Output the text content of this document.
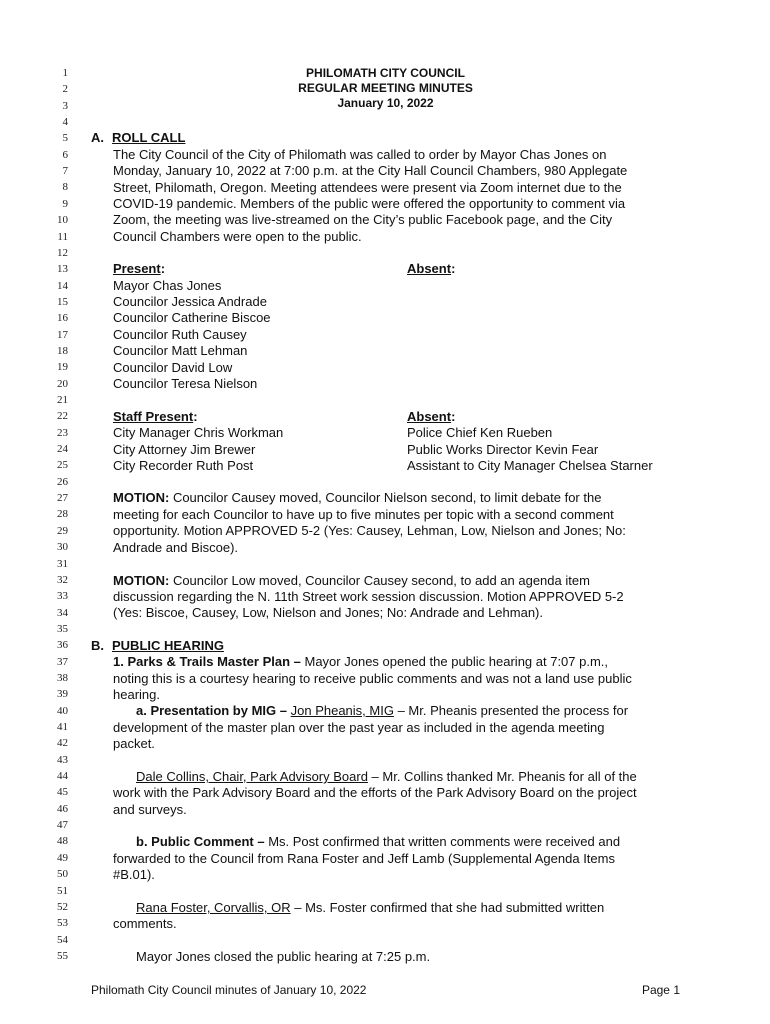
1
2
3
4
5
6
7
8
9
10
11
12
13
14
15
16
17
18
19
20
21
22
23
24
25
26
27
28
29
30
31
32
33
34
35
36
37
38
39
40
41
42
43
44
45
46
47
48
49
50
51
52
53
54
55
PHILOMATH CITY COUNCIL
REGULAR MEETING MINUTES
January 10, 2022
A. ROLL CALL
The City Council of the City of Philomath was called to order by Mayor Chas Jones on
Monday, January 10, 2022 at 7:00 p.m. at the City Hall Council Chambers, 980 Applegate
Street, Philomath, Oregon. Meeting attendees were present via Zoom internet due to the
COVID-19 pandemic. Members of the public were offered the opportunity to comment via
Zoom, the meeting was live-streamed on the City’s public Facebook page, and the City
Council Chambers were open to the public.
Present:	Absent:
Mayor Chas Jones
Councilor Jessica Andrade
Councilor Catherine Biscoe
Councilor Ruth Causey
Councilor Matt Lehman
Councilor David Low
Councilor Teresa Nielson
Staff Present:	Absent:
City Manager Chris Workman	Police Chief Ken Rueben
City Attorney Jim Brewer	Public Works Director Kevin Fear
City Recorder Ruth Post	Assistant to City Manager Chelsea Starner
MOTION: Councilor Causey moved, Councilor Nielson second, to limit debate for the
meeting for each Councilor to have up to five minutes per topic with a second comment
opportunity. Motion APPROVED 5-2 (Yes: Causey, Lehman, Low, Nielson and Jones; No:
Andrade and Biscoe).
MOTION: Councilor Low moved, Councilor Causey second, to add an agenda item
discussion regarding the N. 11th Street work session discussion. Motion APPROVED 5-2
(Yes: Biscoe, Causey, Low, Nielson and Jones; No: Andrade and Lehman).
B. PUBLIC HEARING
1. Parks & Trails Master Plan – Mayor Jones opened the public hearing at 7:07 p.m.,
noting this is a courtesy hearing to receive public comments and was not a land use public
hearing.
a. Presentation by MIG – Jon Pheanis, MIG – Mr. Pheanis presented the process for
development of the master plan over the past year as included in the agenda meeting
packet.
Dale Collins, Chair, Park Advisory Board – Mr. Collins thanked Mr. Pheanis for all of the
work with the Park Advisory Board and the efforts of the Park Advisory Board on the project
and surveys.
b. Public Comment – Ms. Post confirmed that written comments were received and
forwarded to the Council from Rana Foster and Jeff Lamb (Supplemental Agenda Items
#B.01).
Rana Foster, Corvallis, OR – Ms. Foster confirmed that she had submitted written
comments.
Mayor Jones closed the public hearing at 7:25 p.m.
Philomath City Council minutes of January 10, 2022	Page 1
